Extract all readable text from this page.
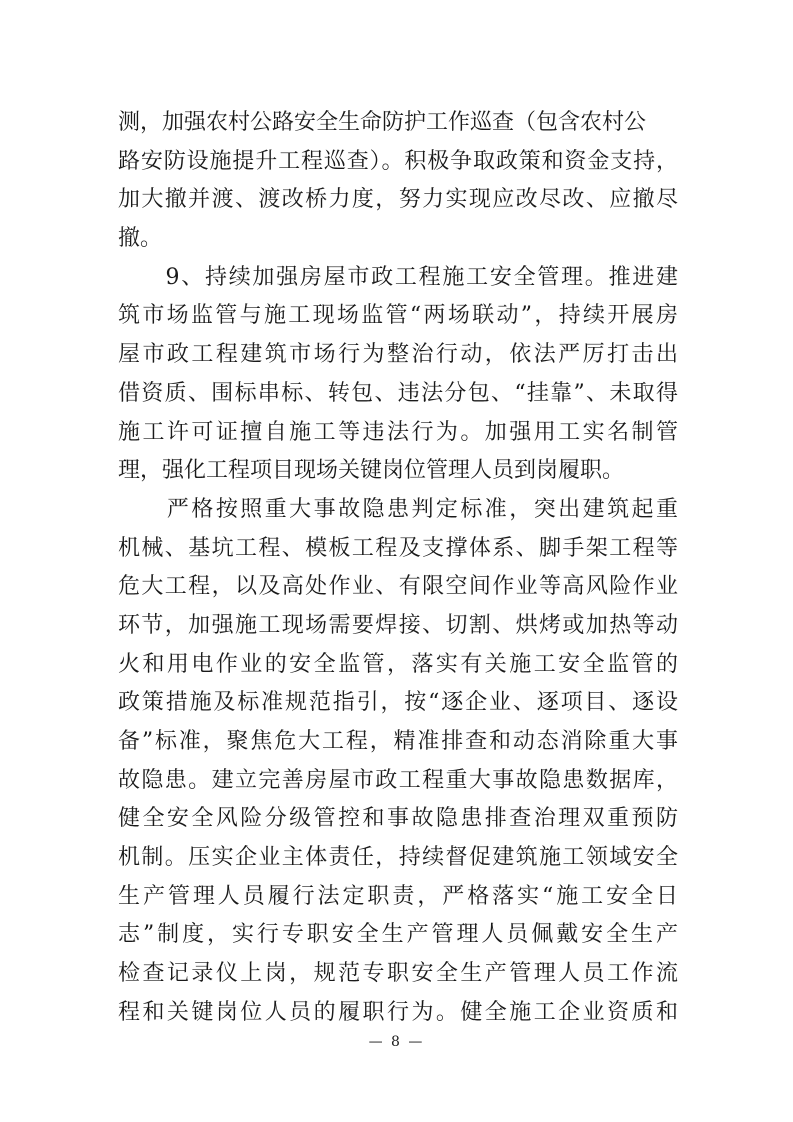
测，加强农村公路安全生命防护工作巡查（包含农村公
路安防设施提升工程巡查）。积极争取政策和资金支持，
加大撤并渡、渡改桥力度，努力实现应改尽改、应撤尽
撤。
　　9、持续加强房屋市政工程施工安全管理。推进建
筑市场监管与施工现场监管“两场联动”，持续开展房
屋市政工程建筑市场行为整治行动，依法严厉打击出
借资质、围标串标、转包、违法分包、“挂靠”、未取得
施工许可证擅自施工等违法行为。加强用工实名制管
理，强化工程项目现场关键岗位管理人员到岗履职。
　　严格按照重大事故隐患判定标准，突出建筑起重
机械、基坑工程、模板工程及支撑体系、脚手架工程等
危大工程，以及高处作业、有限空间作业等高风险作业
环节，加强施工现场需要焊接、切割、烘烤或加热等动
火和用电作业的安全监管，落实有关施工安全监管的
政策措施及标准规范指引，按“逐企业、逐项目、逐设
备”标准，聚焦危大工程，精准排查和动态消除重大事
故隐患。建立完善房屋市政工程重大事故隐患数据库，
健全安全风险分级管控和事故隐患排查治理双重预防
机制。压实企业主体责任，持续督促建筑施工领域安全
生产管理人员履行法定职责，严格落实“施工安全日
志”制度，实行专职安全生产管理人员佩戴安全生产
检查记录仪上岗，规范专职安全生产管理人员工作流
程和关键岗位人员的履职行为。健全施工企业资质和
— 8 —
